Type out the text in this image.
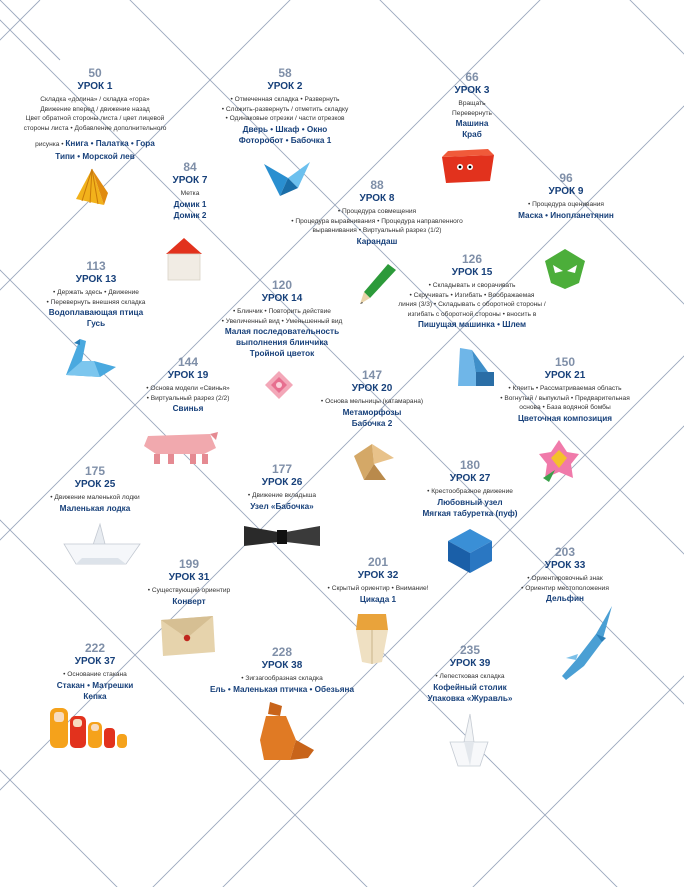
50
УРОК 1
Складка «долина» / складка «гора»
Движение вперед / движение назад
Цвет обратной стороны листа / цвет лицевой
стороны листа • Добавление дополнительного
рисунка • Книга • Палатка • Гора
Типи • Морской лев
58
УРОК 2
• Отмеченная складка • Развернуть
• Сложить-развернуть / отметить складку
• Одинаковые отрезки / части отрезков
Дверь • Шкаф • Окно
Фоторобот • Бабочка 1
66
УРОК 3
Вращать
Перевернуть
Машина
Краб
84
УРОК 7
Метка
Домик 1
Домик 2
88
УРОК 8
• Процедура совмещения
• Процедура выравнивания • Процедура направленного
выравнивания • Виртуальный разрез (1/2)
Карандаш
96
УРОК 9
• Процедура оценивания
Маска • Инопланетянин
113
УРОК 13
• Держать здесь • Движение
• Перевернуть внешняя складка
Водоплавающая птица
Гусь
120
УРОК 14
• Блинчик • Повторить действие
• Увеличенный вид • Уменьшенный вид
Малая последовательность
выполнения блинчика
Тройной цветок
126
УРОК 15
• Складывать и сворачивать
• Скручивать • Изгибать • Воображаемая
линия (3/3) • Складывать с оборотной стороны /
изгибать с оборотной стороны • вносить в
Пишущая машинка • Шлем
144
УРОК 19
• Основа модели «Свинья»
• Виртуальный разрез (2/2)
Свинья
147
УРОК 20
• Основа мельницы (катамарана)
Метаморфозы
Бабочка 2
150
УРОК 21
• Клеить • Рассматриваемая область
• Вогнутый / выпуклый • Предварительная
основа • База водяной бомбы
Цветочная композиция
175
УРОК 25
• Движение маленькой лодки
Маленькая лодка
177
УРОК 26
• Движение вкладыша
Узел «Бабочка»
180
УРОК 27
• Крестообразное движение
Любовный узел
Мягкая табуретка (пуф)
199
УРОК 31
• Существующий ориентир
Конверт
201
УРОК 32
• Скрытый ориентир • Внимание!
Цикада 1
203
УРОК 33
• Ориентировочный знак
• Ориентир местоположения
Дельфин
222
УРОК 37
• Основание стакана
Стакан • Матрешки
Кепка
228
УРОК 38
• Зигзагообразная складка
Ель • Маленькая птичка • Обезьяна
235
УРОК 39
• Лепестковая складка
Кофейный столик
Упаковка «Журавль»
